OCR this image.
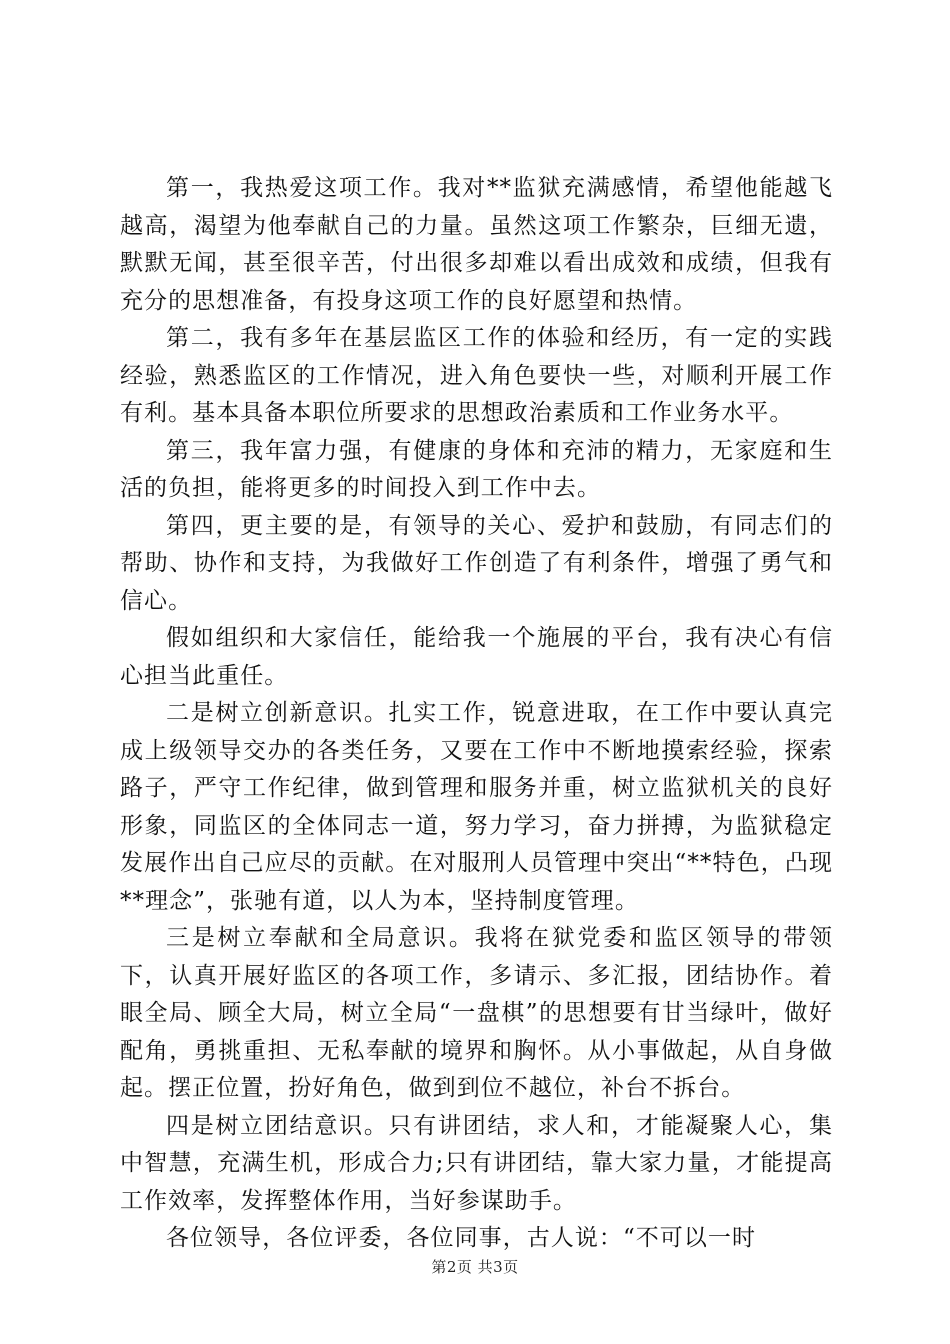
第一，我热爱这项工作。我对**监狱充满感情，希望他能越飞越高，渴望为他奉献自己的力量。虽然这项工作繁杂，巨细无遗，默默无闻，甚至很辛苦，付出很多却难以看出成效和成绩，但我有充分的思想准备，有投身这项工作的良好愿望和热情。

第二，我有多年在基层监区工作的体验和经历，有一定的实践经验，熟悉监区的工作情况，进入角色要快一些，对顺利开展工作有利。基本具备本职位所要求的思想政治素质和工作业务水平。

第三，我年富力强，有健康的身体和充沛的精力，无家庭和生活的负担，能将更多的时间投入到工作中去。

第四，更主要的是，有领导的关心、爱护和鼓励，有同志们的帮助、协作和支持，为我做好工作创造了有利条件，增强了勇气和信心。

假如组织和大家信任，能给我一个施展的平台，我有决心有信心担当此重任。

二是树立创新意识。扎实工作，锐意进取，在工作中要认真完成上级领导交办的各类任务，又要在工作中不断地摸索经验，探索路子，严守工作纪律，做到管理和服务并重，树立监狱机关的良好形象，同监区的全体同志一道，努力学习，奋力拼搏，为监狱稳定发展作出自己应尽的贡献。在对服刑人员管理中突出“**特色，凸现**理念”，张驰有道，以人为本，坚持制度管理。

三是树立奉献和全局意识。我将在狱党委和监区领导的带领下，认真开展好监区的各项工作，多请示、多汇报，团结协作。着眼全局、顾全大局，树立全局“一盘棋”的思想要有甘当绿叶，做好配角，勇挑重担、无私奉献的境界和胸怀。从小事做起，从自身做起。摆正位置，扮好角色，做到到位不越位，补台不拆台。

四是树立团结意识。只有讲团结，求人和，才能凝聚人心，集中智慧，充满生机，形成合力;只有讲团结，靠大家力量，才能提高工作效率，发挥整体作用，当好参谋助手。

各位领导，各位评委，各位同事，古人说：“不可以一时

第2页 共3页
